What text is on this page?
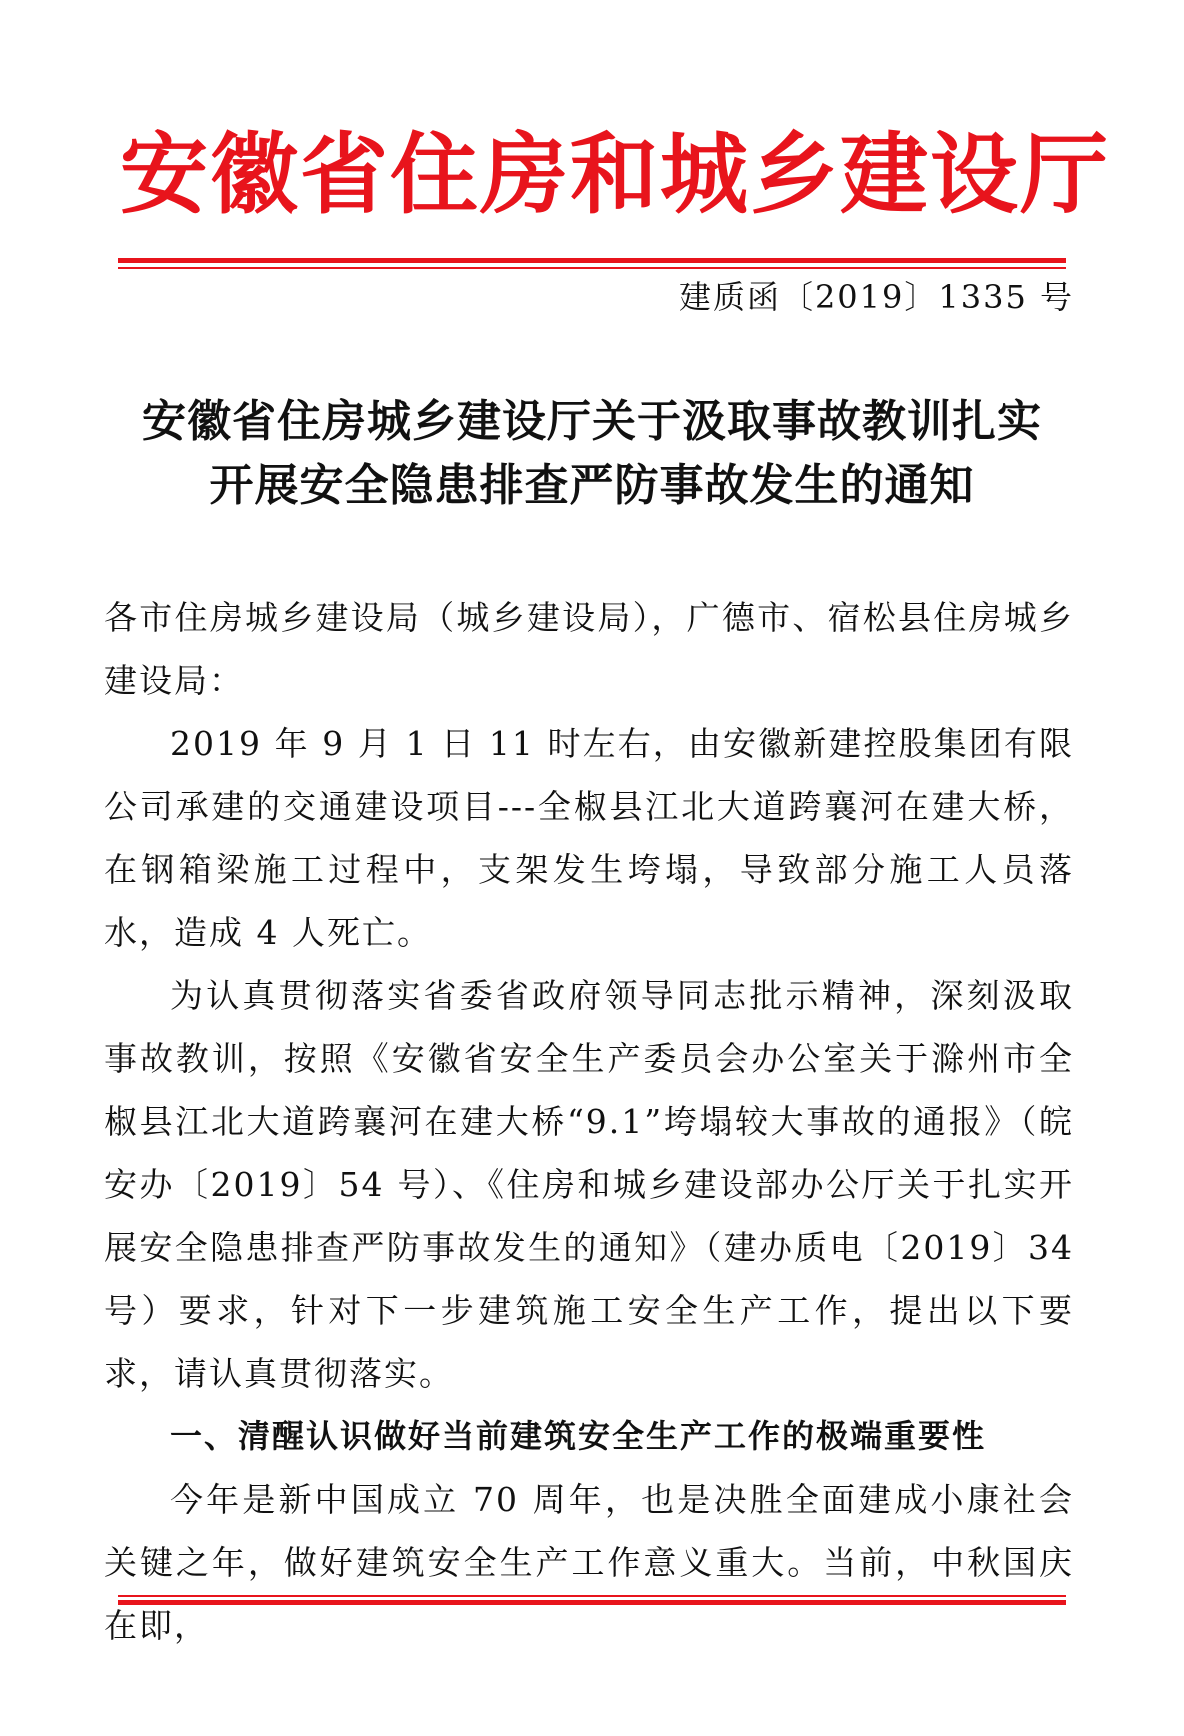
安徽省住房和城乡建设厅
建质函〔2019〕1335 号
安徽省住房城乡建设厅关于汲取事故教训扎实
开展安全隐患排查严防事故发生的通知

各市住房城乡建设局（城乡建设局），广德市、宿松县住房城乡建设局：

2019 年 9 月 1 日 11 时左右，由安徽新建控股集团有限公司承建的交通建设项目---全椒县江北大道跨襄河在建大桥，在钢箱梁施工过程中，支架发生垮塌，导致部分施工人员落水，造成 4 人死亡。

为认真贯彻落实省委省政府领导同志批示精神，深刻汲取事故教训，按照《安徽省安全生产委员会办公室关于滁州市全椒县江北大道跨襄河在建大桥“9.1”垮塌较大事故的通报》（皖安办〔2019〕54 号）、《住房和城乡建设部办公厅关于扎实开展安全隐患排查严防事故发生的通知》（建办质电〔2019〕34 号）要求，针对下一步建筑施工安全生产工作，提出以下要求，请认真贯彻落实。

一、清醒认识做好当前建筑安全生产工作的极端重要性

今年是新中国成立 70 周年，也是决胜全面建成小康社会关键之年，做好建筑安全生产工作意义重大。当前，中秋国庆在即，
